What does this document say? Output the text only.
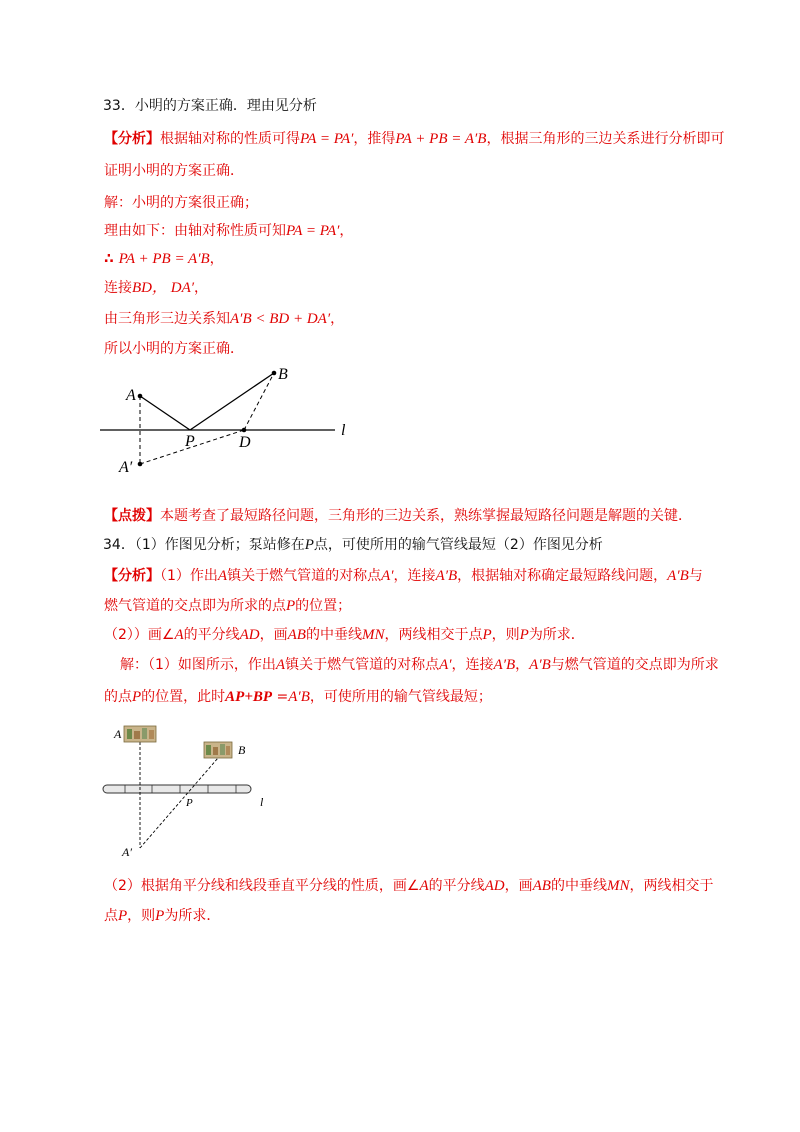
33．小明的方案正确．理由见分析
【分析】根据轴对称的性质可得PA = PA′，推得PA + PB = A′B，根据三角形的三边关系进行分析即可
证明小明的方案正确．
解：小明的方案很正确；
理由如下：由轴对称性质可知PA = PA′，
∴ PA + PB = A′B，
连接BD， DA′，
由三角形三边关系知A′B < BD + DA′，
所以小明的方案正确．
A
B
P	D
l
A′
【点拨】本题考查了最短路径问题，三角形的三边关系，熟练掌握最短路径问题是解题的关键．
34．（1）作图见分析；泵站修在P点，可使所用的输气管线最短（2）作图见分析
【分析】（1）作出A镇关于燃气管道的对称点A′，连接A′B，根据轴对称确定最短路线问题，A′B与
燃气管道的交点即为所求的点P的位置；
（2））画∠A的平分线AD，画AB的中垂线MN，两线相交于点P，则P为所求．
解：（1）如图所示，作出A镇关于燃气管道的对称点A′，连接A′B，A′B与燃气管道的交点即为所求
的点P的位置，此时AP+BP =A′B，可使所用的输气管线最短；
A
B
P	l
A′
（2）根据角平分线和线段垂直平分线的性质，画∠A的平分线AD，画AB的中垂线MN，两线相交于
点P，则P为所求．
